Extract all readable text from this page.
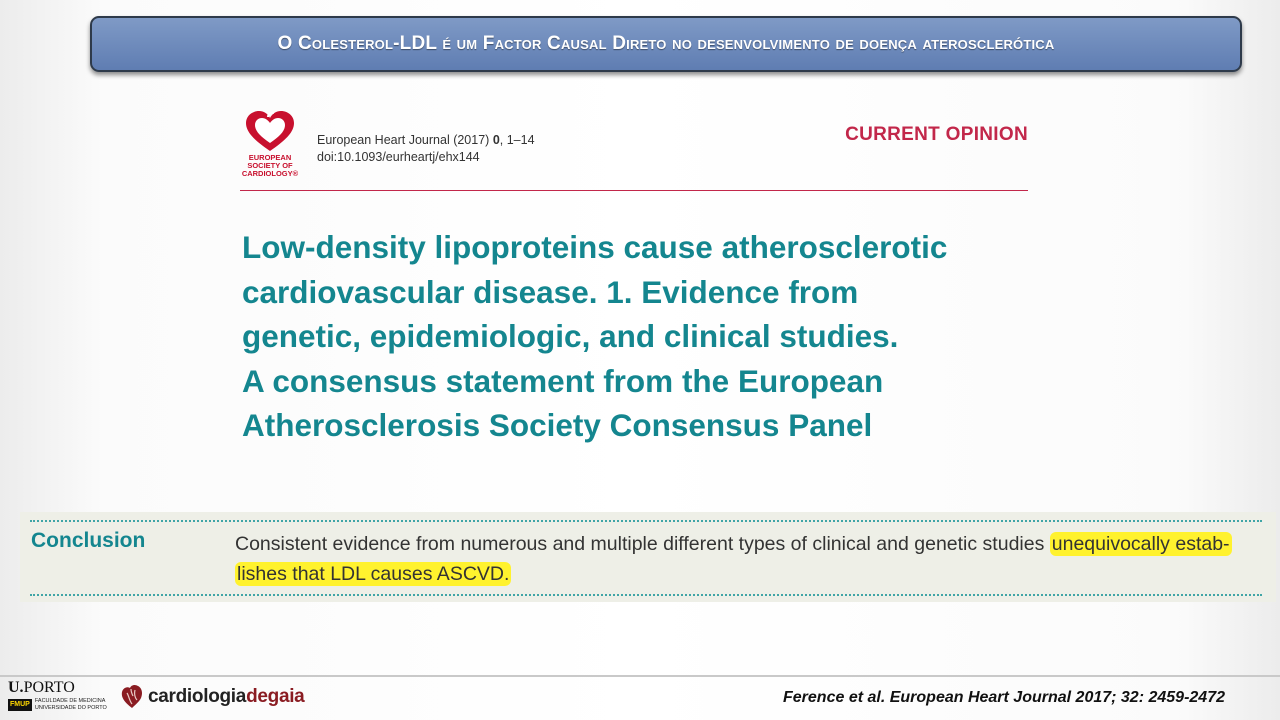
O Colesterol-LDL é um Factor Causal Direto no desenvolvimento de doença aterosclerótica
EUROPEAN
SOCIETY OF
CARDIOLOGY®
European Heart Journal (2017) 0, 1–14
doi:10.1093/eurheartj/ehx144
CURRENT OPINION
Low-density lipoproteins cause atherosclerotic
cardiovascular disease. 1. Evidence from
genetic, epidemiologic, and clinical studies.
A consensus statement from the European
Atherosclerosis Society Consensus Panel
Conclusion	Consistent evidence from numerous and multiple different types of clinical and genetic studies unequivocally estab-
lishes that LDL causes ASCVD.

U.PORTO
FMUP FACULDADE DE MEDICINA
UNIVERSIDADE DO PORTO
cardiologiadegaia	Ference et al. European Heart Journal 2017; 32: 2459-2472
